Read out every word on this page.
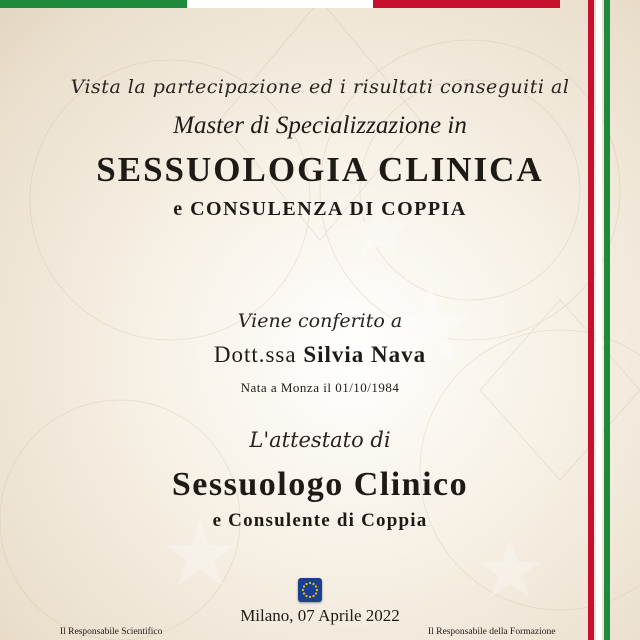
Vista la partecipazione ed i risultati conseguiti al
Master di Specializzazione in
SESSUOLOGIA CLINICA
e CONSULENZA DI COPPIA
Viene conferito a
Dott.ssa Silvia Nava
Nata a Monza il 01/10/1984
L'attestato di
Sessuologo Clinico
e Consulente di Coppia
Milano, 07 Aprile 2022
Il Responsabile Scientifico	Il Responsabile della Formazione
